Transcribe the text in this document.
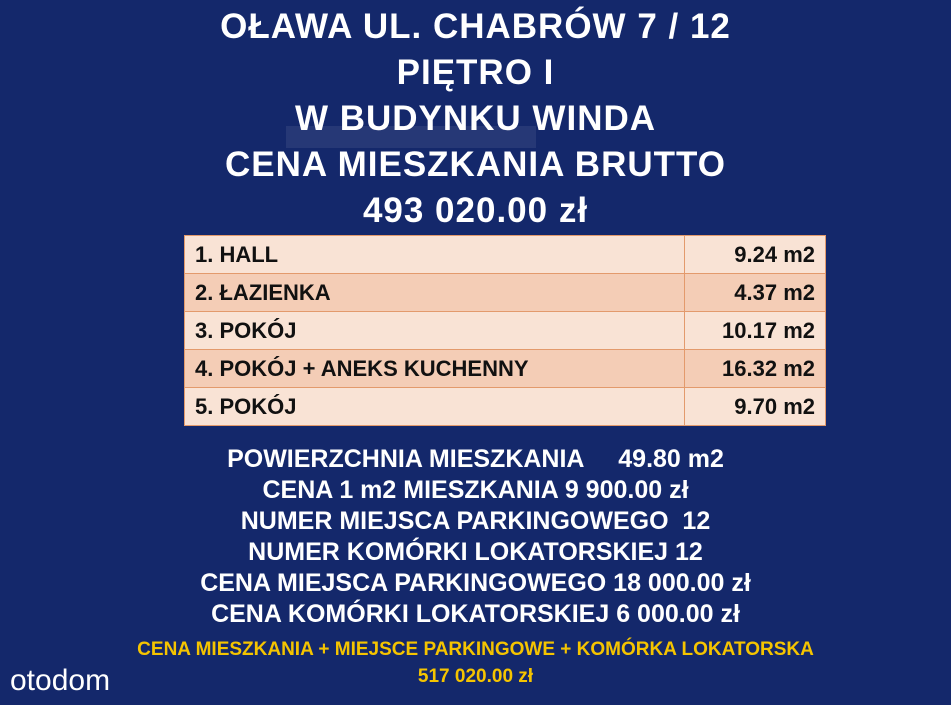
OŁAWA UL. CHABRÓW 7 / 12
PIĘTRO I
W BUDYNKU WINDA
CENA MIESZKANIA BRUTTO
493 020.00 zł
1. HALL	9.24 m2
2. ŁAZIENKA	4.37 m2
3. POKÓJ	10.17 m2
4. POKÓJ + ANEKS KUCHENNY	16.32 m2
5. POKÓJ	9.70 m2
POWIERZCHNIA MIESZKANIA     49.80 m2
CENA 1 m2 MIESZKANIA 9 900.00 zł
NUMER MIEJSCA PARKINGOWEGO  12
NUMER KOMÓRKI LOKATORSKIEJ 12
CENA MIEJSCA PARKINGOWEGO 18 000.00 zł
CENA KOMÓRKI LOKATORSKIEJ 6 000.00 zł
CENA MIESZKANIA + MIEJSCE PARKINGOWE + KOMÓRKA LOKATORSKA
517 020.00 zł
otodom
